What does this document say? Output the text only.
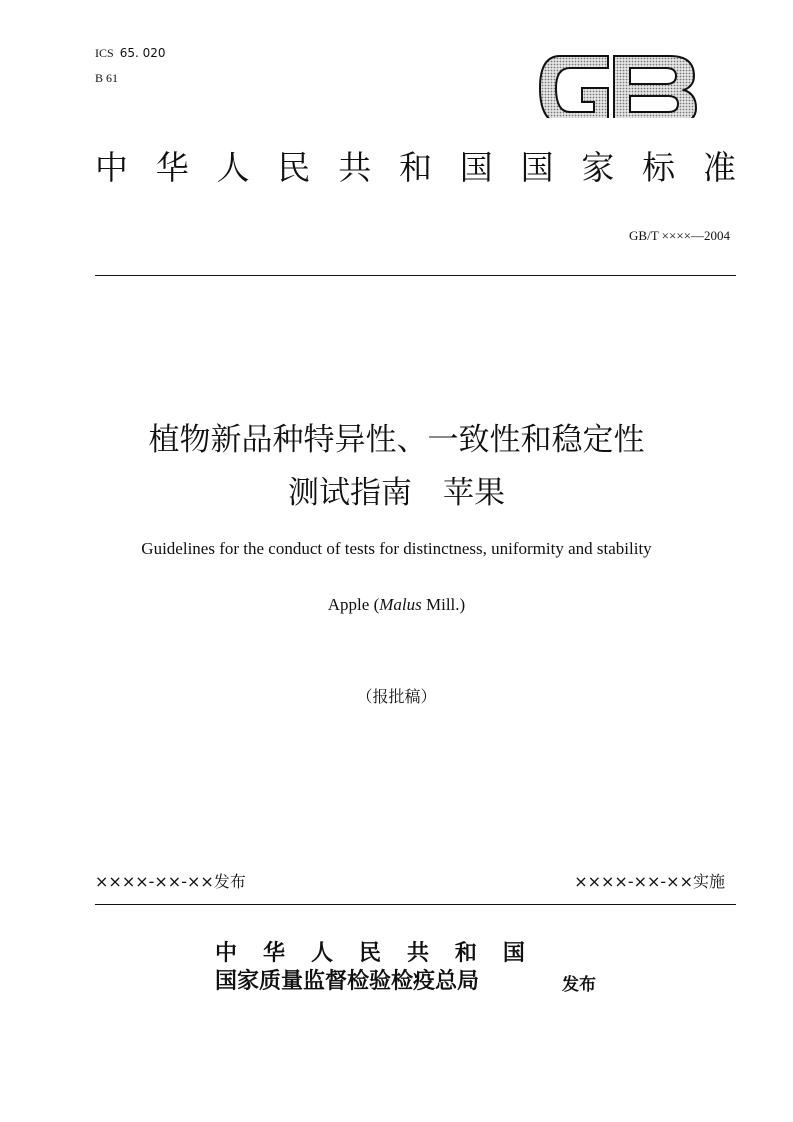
ICS 65. 020
B 61
中 华 人 民 共 和 国 国 家 标 准
GB/T ××××—2004
植物新品种特异性、一致性和稳定性
测试指南　苹果
Guidelines for the conduct of tests for distinctness, uniformity and stability
Apple (Malus Mill.)
（报批稿）
××××-××-××发布	××××-××-××实施
中 华 人 民 共 和 国
国家质量监督检验检疫总局	发布
